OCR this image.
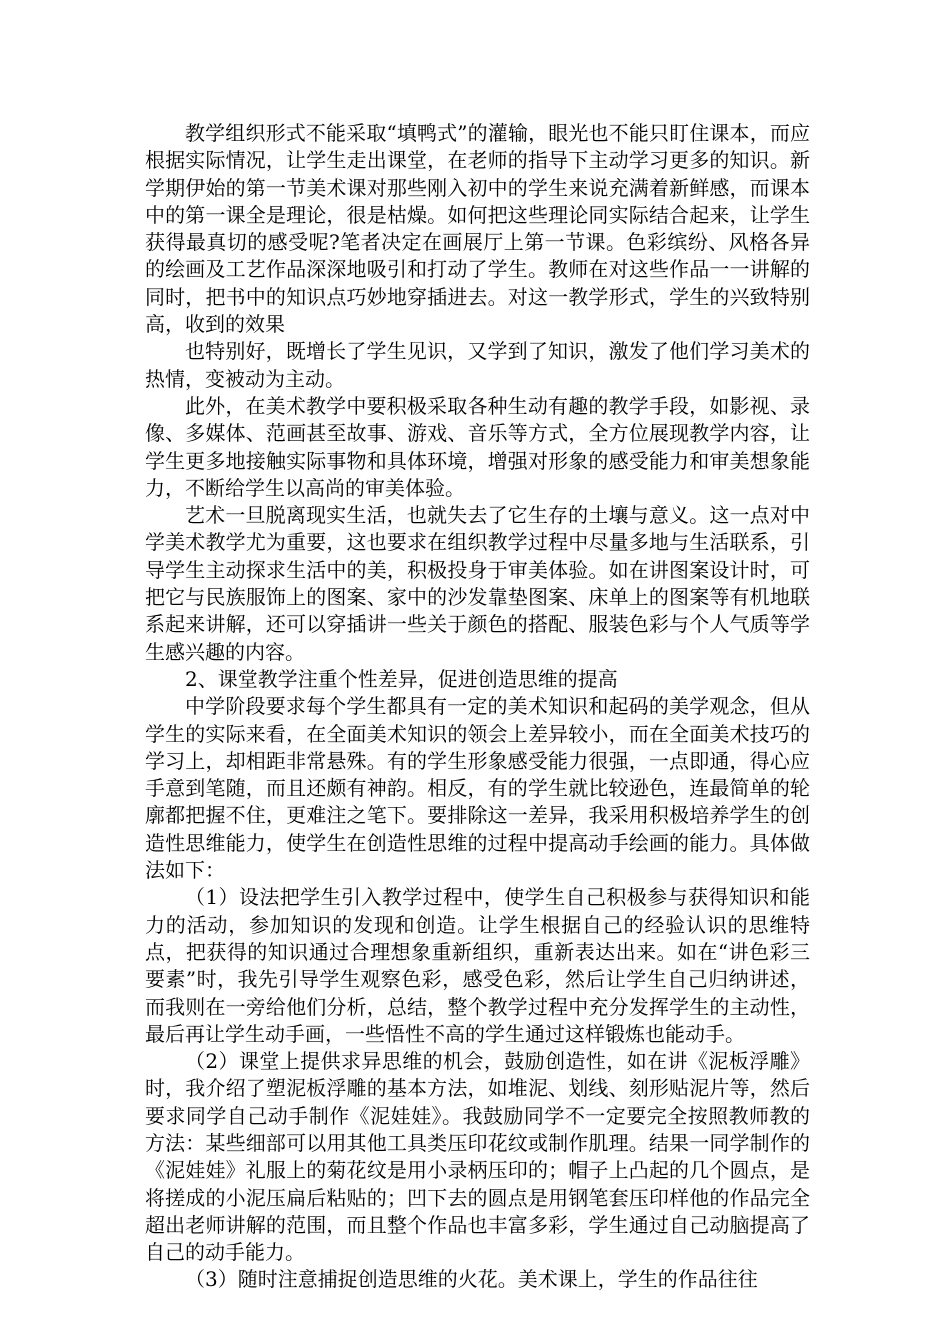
教学组织形式不能采取“填鸭式”的灌输，眼光也不能只盯住课本，而应根据实际情况，让学生走出课堂，在老师的指导下主动学习更多的知识。新学期伊始的第一节美术课对那些刚入初中的学生来说充满着新鲜感，而课本中的第一课全是理论，很是枯燥。如何把这些理论同实际结合起来，让学生获得最真切的感受呢?笔者决定在画展厅上第一节课。色彩缤纷、风格各异的绘画及工艺作品深深地吸引和打动了学生。教师在对这些作品一一讲解的同时，把书中的知识点巧妙地穿插进去。对这一教学形式，学生的兴致特别高，收到的效果

也特别好，既增长了学生见识，又学到了知识，激发了他们学习美术的热情，变被动为主动。

此外，在美术教学中要积极采取各种生动有趣的教学手段，如影视、录像、多媒体、范画甚至故事、游戏、音乐等方式，全方位展现教学内容，让学生更多地接触实际事物和具体环境，增强对形象的感受能力和审美想象能力，不断给学生以高尚的审美体验。

艺术一旦脱离现实生活，也就失去了它生存的土壤与意义。这一点对中学美术教学尤为重要，这也要求在组织教学过程中尽量多地与生活联系，引导学生主动探求生活中的美，积极投身于审美体验。如在讲图案设计时，可把它与民族服饰上的图案、家中的沙发靠垫图案、床单上的图案等有机地联系起来讲解，还可以穿插讲一些关于颜色的搭配、服装色彩与个人气质等学生感兴趣的内容。

2、课堂教学注重个性差异，促进创造思维的提高

中学阶段要求每个学生都具有一定的美术知识和起码的美学观念，但从学生的实际来看，在全面美术知识的领会上差异较小，而在全面美术技巧的学习上，却相距非常悬殊。有的学生形象感受能力很强，一点即通，得心应手意到笔随，而且还颇有神韵。相反，有的学生就比较逊色，连最简单的轮廓都把握不住，更难注之笔下。要排除这一差异，我采用积极培养学生的创造性思维能力，使学生在创造性思维的过程中提高动手绘画的能力。具体做法如下：

（1）设法把学生引入教学过程中，使学生自己积极参与获得知识和能力的活动，参加知识的发现和创造。让学生根据自己的经验认识的思维特点，把获得的知识通过合理想象重新组织，重新表达出来。如在“讲色彩三要素”时，我先引导学生观察色彩，感受色彩，然后让学生自己归纳讲述，而我则在一旁给他们分析，总结，整个教学过程中充分发挥学生的主动性，最后再让学生动手画，一些悟性不高的学生通过这样锻炼也能动手。

（2）课堂上提供求异思维的机会，鼓励创造性，如在讲《泥板浮雕》时，我介绍了塑泥板浮雕的基本方法，如堆泥、划线、刻形贴泥片等，然后要求同学自己动手制作《泥娃娃》。我鼓励同学不一定要完全按照教师教的方法：某些细部可以用其他工具类压印花纹或制作肌理。结果一同学制作的《泥娃娃》礼服上的菊花纹是用小录柄压印的；帽子上凸起的几个圆点，是将搓成的小泥压扁后粘贴的；凹下去的圆点是用钢笔套压印样他的作品完全超出老师讲解的范围，而且整个作品也丰富多彩，学生通过自己动脑提高了自己的动手能力。

（3）随时注意捕捉创造思维的火花。美术课上，学生的作品往往
